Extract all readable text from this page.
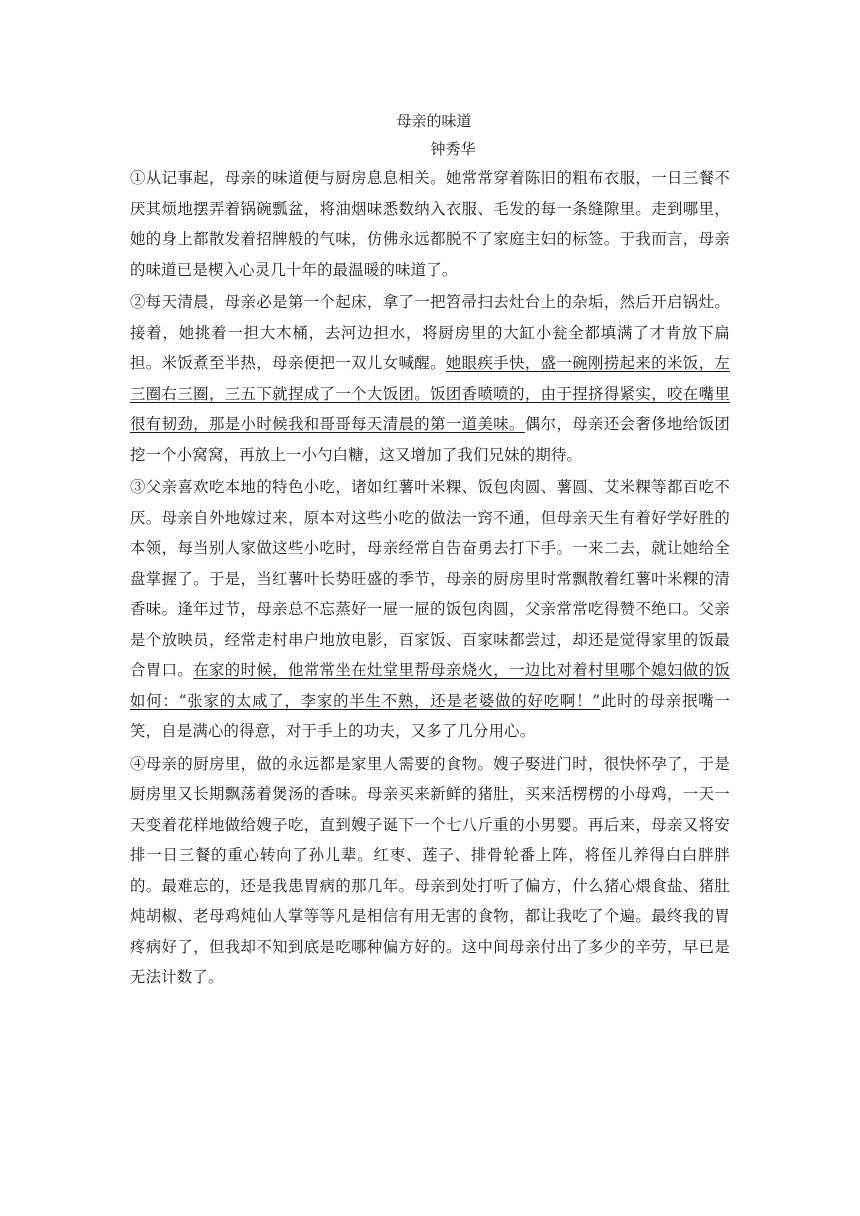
母亲的味道
钟秀华

①从记事起，母亲的味道便与厨房息息相关。她常常穿着陈旧的粗布衣服，一日三餐不厌其烦地摆弄着锅碗瓢盆，将油烟味悉数纳入衣服、毛发的每一条缝隙里。走到哪里，她的身上都散发着招牌般的气味，仿佛永远都脱不了家庭主妇的标签。于我而言，母亲的味道已是楔入心灵几十年的最温暖的味道了。

②每天清晨，母亲必是第一个起床，拿了一把笤帚扫去灶台上的杂垢，然后开启锅灶。接着，她挑着一担大木桶，去河边担水，将厨房里的大缸小瓮全都填满了才肯放下扁担。米饭煮至半热，母亲便把一双儿女喊醒。她眼疾手快，盛一碗刚捞起来的米饭，左三圈右三圈，三五下就捏成了一个大饭团。饭团香喷喷的，由于捏挤得紧实，咬在嘴里很有韧劲，那是小时候我和哥哥每天清晨的第一道美味。偶尔，母亲还会奢侈地给饭团挖一个小窝窝，再放上一小勺白糖，这又增加了我们兄妹的期待。

③父亲喜欢吃本地的特色小吃，诸如红薯叶米粿、饭包肉圆、薯圆、艾米粿等都百吃不厌。母亲自外地嫁过来，原本对这些小吃的做法一窍不通，但母亲天生有着好学好胜的本领，每当别人家做这些小吃时，母亲经常自告奋勇去打下手。一来二去，就让她给全盘掌握了。于是，当红薯叶长势旺盛的季节，母亲的厨房里时常飘散着红薯叶米粿的清香味。逢年过节，母亲总不忘蒸好一屉一屉的饭包肉圆，父亲常常吃得赞不绝口。父亲是个放映员，经常走村串户地放电影，百家饭、百家味都尝过，却还是觉得家里的饭最合胃口。在家的时候，他常常坐在灶堂里帮母亲烧火，一边比对着村里哪个媳妇做的饭如何：“张家的太咸了，李家的半生不熟，还是老婆做的好吃啊！”此时的母亲抿嘴一笑，自是满心的得意，对于手上的功夫，又多了几分用心。

④母亲的厨房里，做的永远都是家里人需要的食物。嫂子娶进门时，很快怀孕了，于是厨房里又长期飘荡着煲汤的香味。母亲买来新鲜的猪肚，买来活楞楞的小母鸡，一天一天变着花样地做给嫂子吃，直到嫂子诞下一个七八斤重的小男婴。再后来，母亲又将安排一日三餐的重心转向了孙儿辈。红枣、莲子、排骨轮番上阵，将侄儿养得白白胖胖的。最难忘的，还是我患胃病的那几年。母亲到处打听了偏方，什么猪心煨食盐、猪肚炖胡椒、老母鸡炖仙人掌等等凡是相信有用无害的食物，都让我吃了个遍。最终我的胃疼病好了，但我却不知到底是吃哪种偏方好的。这中间母亲付出了多少的辛劳，早已是无法计数了。
